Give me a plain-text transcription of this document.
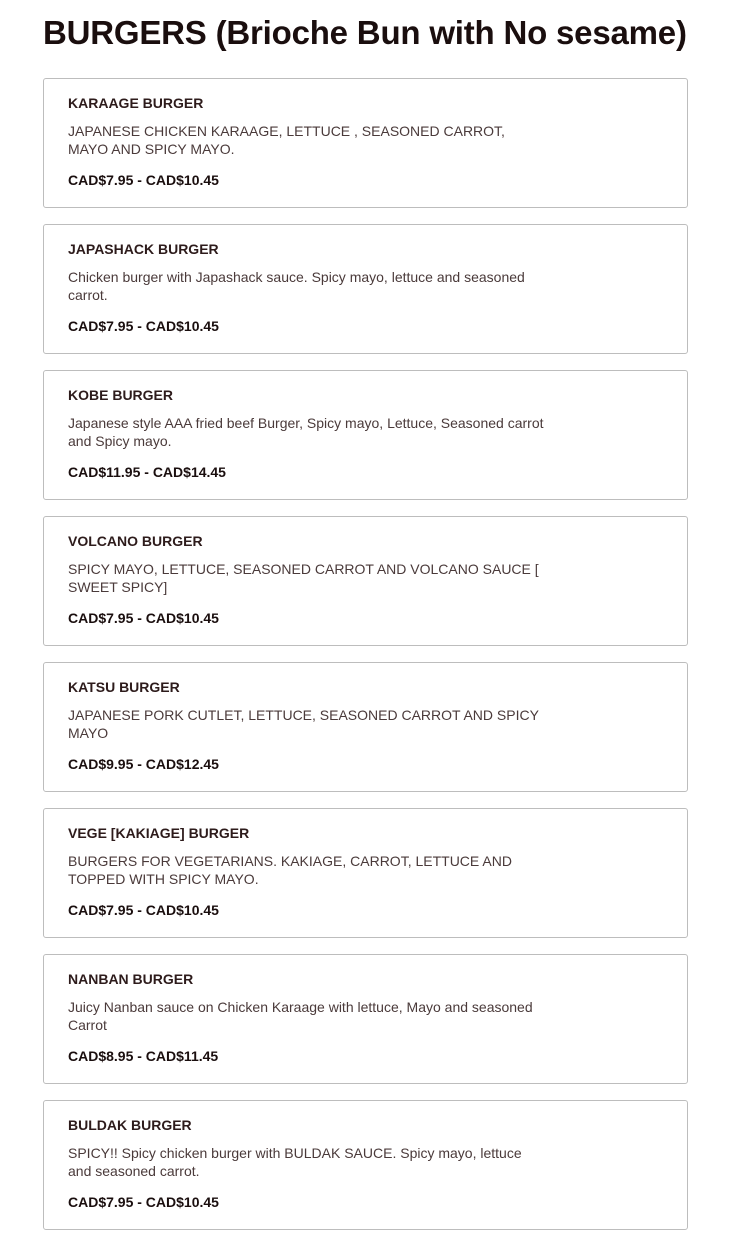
BURGERS (Brioche Bun with No sesame)
KARAAGE BURGER
JAPANESE CHICKEN KARAAGE, LETTUCE , SEASONED CARROT, MAYO AND SPICY MAYO.
CAD$7.95 - CAD$10.45
JAPASHACK BURGER
Chicken burger with Japashack sauce. Spicy mayo, lettuce and seasoned carrot.
CAD$7.95 - CAD$10.45
KOBE BURGER
Japanese style AAA fried beef Burger, Spicy mayo, Lettuce, Seasoned carrot and Spicy mayo.
CAD$11.95 - CAD$14.45
VOLCANO BURGER
SPICY MAYO, LETTUCE, SEASONED CARROT AND VOLCANO SAUCE [ SWEET SPICY]
CAD$7.95 - CAD$10.45
KATSU BURGER
JAPANESE PORK CUTLET, LETTUCE, SEASONED CARROT AND SPICY MAYO
CAD$9.95 - CAD$12.45
VEGE [KAKIAGE] BURGER
BURGERS FOR VEGETARIANS. KAKIAGE, CARROT, LETTUCE AND TOPPED WITH SPICY MAYO.
CAD$7.95 - CAD$10.45
NANBAN BURGER
Juicy Nanban sauce on Chicken Karaage with lettuce, Mayo and seasoned Carrot
CAD$8.95 - CAD$11.45
BULDAK BURGER
SPICY!! Spicy chicken burger with BULDAK SAUCE. Spicy mayo, lettuce and seasoned carrot.
CAD$7.95 - CAD$10.45
